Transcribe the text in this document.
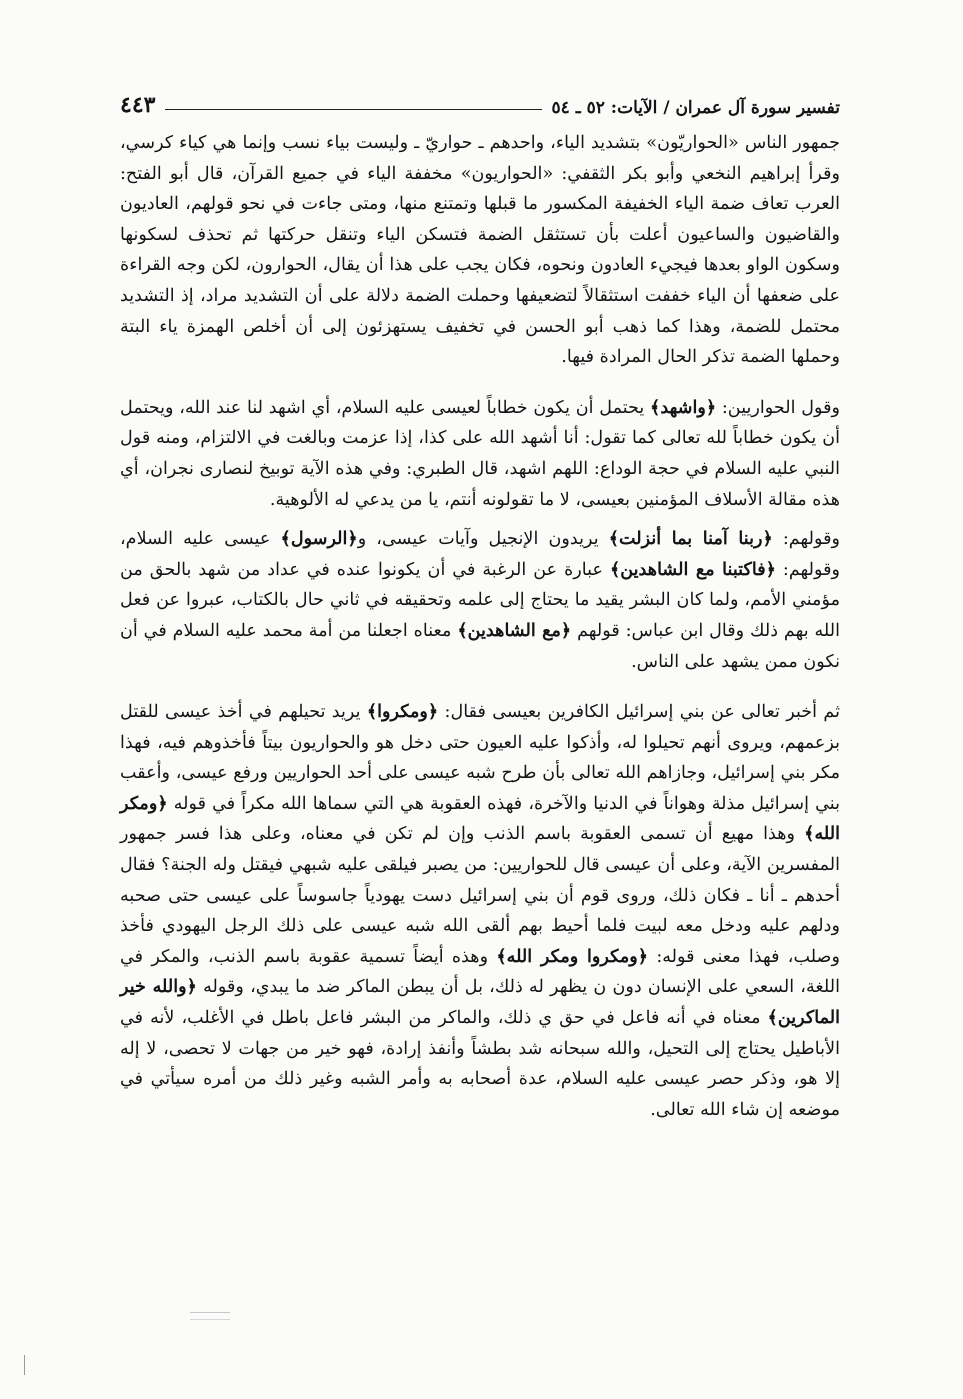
تفسير سورة آل عمران / الآيات: ٥٢ ـ ٥٤
٤٤٣

جمهور الناس «الحواريّون» بتشديد الياء، واحدهم ـ حواريّ ـ وليست بياء نسب وإنما هي كياء كرسي، وقرأ إبراهيم النخعي وأبو بكر الثقفي: «الحواريون» مخففة الياء في جميع القرآن، قال أبو الفتح: العرب تعاف ضمة الياء الخفيفة المكسور ما قبلها وتمتنع منها، ومتى جاءت في نحو قولهم، العاديون والقاضيون والساعيون أعلت بأن تستثقل الضمة فتسكن الياء وتنقل حركتها ثم تحذف لسكونها وسكون الواو بعدها فيجيء العادون ونحوه، فكان يجب على هذا أن يقال، الحوارون، لكن وجه القراءة على ضعفها أن الياء خففت استثقالاً لتضعيفها وحملت الضمة دلالة على أن التشديد مراد، إذ التشديد محتمل للضمة، وهذا كما ذهب أبو الحسن في تخفيف يستهزئون إلى أن أخلص الهمزة ياء البتة وحملها الضمة تذكر الحال المرادة فيها.

وقول الحواريين: ﴿واشهد﴾ يحتمل أن يكون خطاباً لعيسى عليه السلام، أي اشهد لنا عند الله، ويحتمل أن يكون خطاباً لله تعالى كما تقول: أنا أشهد الله على كذا، إذا عزمت وبالغت في الالتزام، ومنه قول النبي عليه السلام في حجة الوداع: اللهم اشهد، قال الطبري: وفي هذه الآية توبيخ لنصارى نجران، أي هذه مقالة الأسلاف المؤمنين بعيسى، لا ما تقولونه أنتم، يا من يدعي له الألوهية.

وقولهم: ﴿ربنا آمنا بما أنزلت﴾ يريدون الإنجيل وآيات عيسى، و﴿الرسول﴾ عيسى عليه السلام، وقولهم: ﴿فاكتبنا مع الشاهدين﴾ عبارة عن الرغبة في أن يكونوا عنده في عداد من شهد بالحق من مؤمني الأمم، ولما كان البشر يقيد ما يحتاج إلى علمه وتحقيقه في ثاني حال بالكتاب، عبروا عن فعل الله بهم ذلك وقال ابن عباس: قولهم ﴿مع الشاهدين﴾ معناه اجعلنا من أمة محمد عليه السلام في أن نكون ممن يشهد على الناس.

ثم أخبر تعالى عن بني إسرائيل الكافرين بعيسى فقال: ﴿ومكروا﴾ يريد تحيلهم في أخذ عيسى للقتل بزعمهم، ويروى أنهم تحيلوا له، وأذكوا عليه العيون حتى دخل هو والحواريون بيتاً فأخذوهم فيه، فهذا مكر بني إسرائيل، وجازاهم الله تعالى بأن طرح شبه عيسى على أحد الحواريين ورفع عيسى، وأعقب بني إسرائيل مذلة وهواناً في الدنيا والآخرة، فهذه العقوبة هي التي سماها الله مكراً في قوله ﴿ومكر الله﴾ وهذا مهيع أن تسمى العقوبة باسم الذنب وإن لم تكن في معناه، وعلى هذا فسر جمهور المفسرين الآية، وعلى أن عيسى قال للحواريين: من يصبر فيلقى عليه شبهي فيقتل وله الجنة؟ فقال أحدهم ـ أنا ـ فكان ذلك، وروى قوم أن بني إسرائيل دست يهودياً جاسوساً على عيسى حتى صحبه ودلهم عليه ودخل معه لبيت فلما أحيط بهم ألقى الله شبه عيسى على ذلك الرجل اليهودي فأخذ وصلب، فهذا معنى قوله: ﴿ومكروا ومكر الله﴾ وهذه أيضاً تسمية عقوبة باسم الذنب، والمكر في اللغة، السعي على الإنسان دون ن يظهر له ذلك، بل أن يبطن الماكر ضد ما يبدي، وقوله ﴿والله خير الماكرين﴾ معناه في أنه فاعل في حق ي ذلك، والماكر من البشر فاعل باطل في الأغلب، لأنه في الأباطيل يحتاج إلى التحيل، والله سبحانه شد بطشاً وأنفذ إرادة، فهو خير من جهات لا تحصى، لا إله إلا هو، وذكر حصر عيسى عليه السلام، عدة أصحابه به وأمر الشبه وغير ذلك من أمره سيأتي في موضعه إن شاء الله تعالى.
